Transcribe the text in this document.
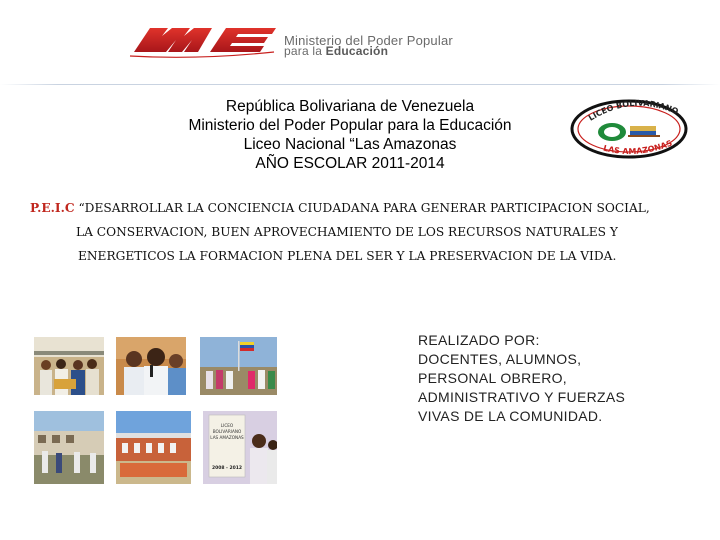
Ministerio del Poder Popular
para la Educación
República Bolivariana de Venezuela
Ministerio del Poder Popular para la Educación
Liceo Nacional “Las Amazonas
AÑO ESCOLAR 2011-2014
LICEO BOLIVARIANO
LAS AMAZONAS
P.E.I.C “DESARROLLAR LA CONCIENCIA CIUDADANA PARA GENERAR PARTICIPACION SOCIAL,
LA CONSERVACION, BUEN APROVECHAMIENTO DE LOS RECURSOS NATURALES Y
ENERGETICOS LA FORMACION PLENA DEL SER Y LA PRESERVACION DE LA VIDA.
LICEO
BOLIVARIANO
LAS AMAZONAS
2008 - 2012
REALIZADO POR:
DOCENTES, ALUMNOS,
PERSONAL OBRERO,
ADMINISTRATIVO Y FUERZAS
VIVAS DE LA COMUNIDAD.
